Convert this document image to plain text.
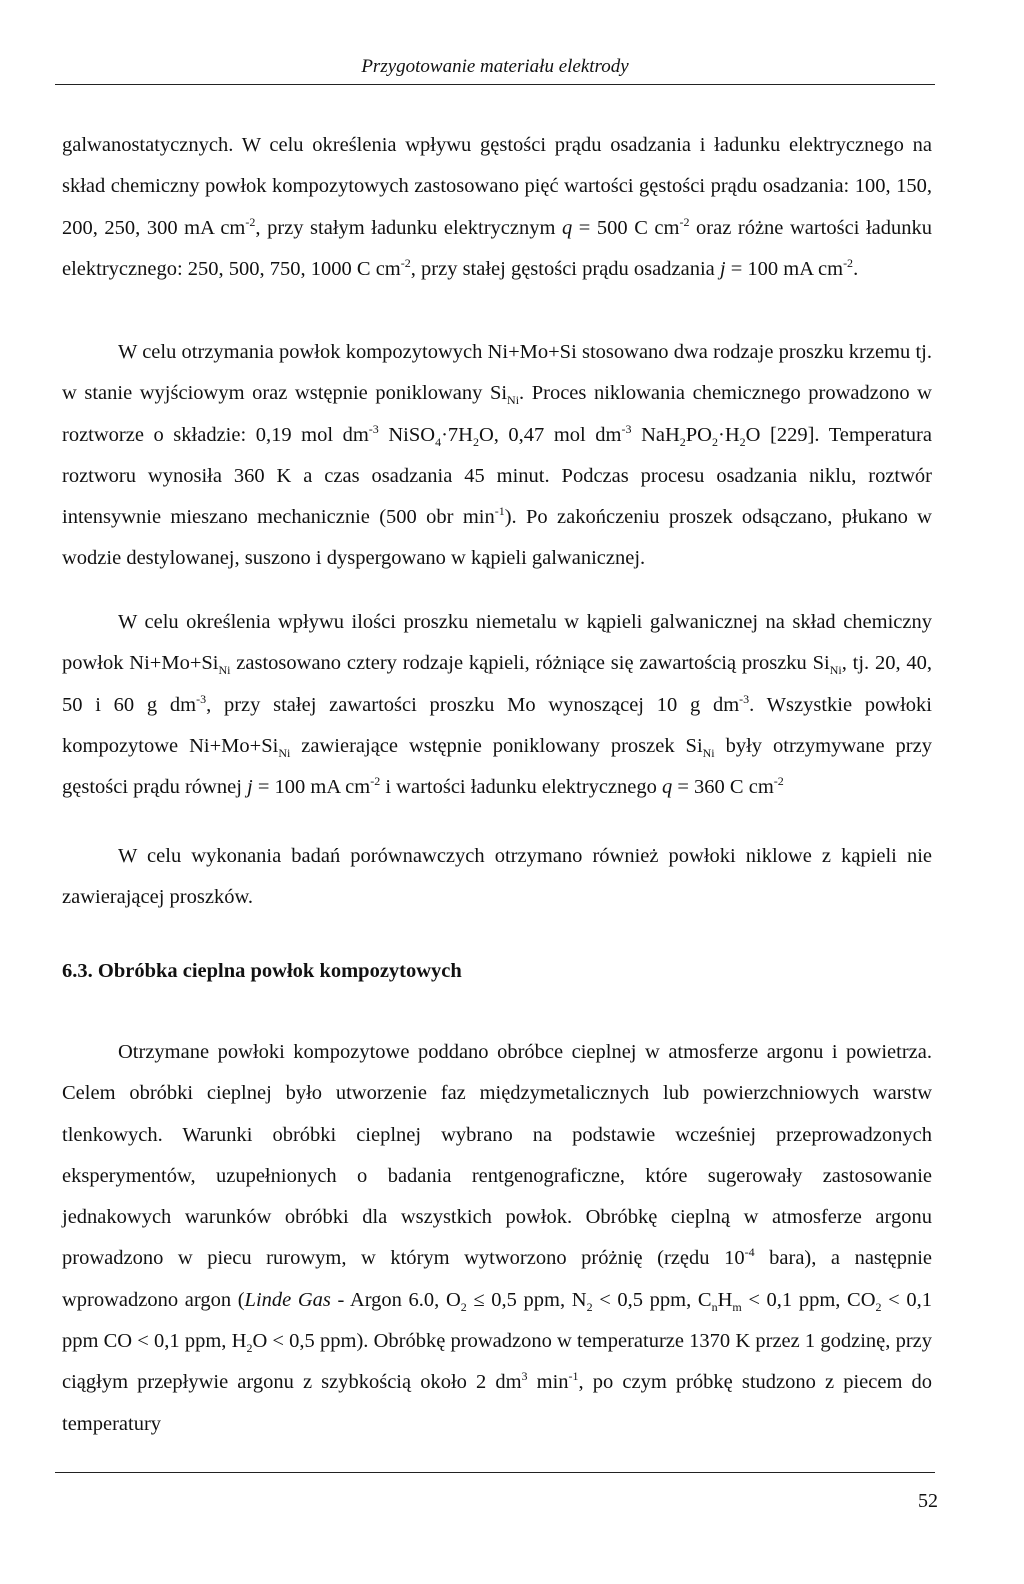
Przygotowanie materiału elektrody
galwanostatycznych. W celu określenia wpływu gęstości prądu osadzania i ładunku elektrycznego na skład chemiczny powłok kompozytowych zastosowano pięć wartości gęstości prądu osadzania: 100, 150, 200, 250, 300 mA $cm^{-2}$, przy stałym ładunku elektrycznym q = 500 C $cm^{-2}$ oraz różne wartości ładunku elektrycznego: 250, 500, 750, 1000 C $cm^{-2}$, przy stałej gęstości prądu osadzania j = 100 mA $cm^{-2}$.
W celu otrzymania powłok kompozytowych Ni+Mo+Si stosowano dwa rodzaje proszku krzemu tj. w stanie wyjściowym oraz wstępnie poniklowany $Si_{Ni}$. Proces niklowania chemicznego prowadzono w roztworze o składzie: 0,19 mol $dm^{-3}$ $NiSO_4\cdot 7H_2O$, 0,47 mol $dm^{-3}$ $NaH_2PO_2\cdot H_2O$ [229]. Temperatura roztworu wynosiła 360 K a czas osadzania 45 minut. Podczas procesu osadzania niklu, roztwór intensywnie mieszano mechanicznie (500 obr $\min^{-1}$). Po zakończeniu proszek odsączano, płukano w wodzie destylowanej, suszono i dyspergowano w kąpieli galwanicznej.
W celu określenia wpływu ilości proszku niemetalu w kąpieli galwanicznej na skład chemiczny powłok $Ni+Mo+Si_{Ni}$ zastosowano cztery rodzaje kąpieli, różniące się zawartością proszku $Si_{Ni}$, tj. 20, 40, 50 i 60 g $dm^{-3}$, przy stałej zawartości proszku Mo wynoszącej 10 g $dm^{-3}$. Wszystkie powłoki kompozytowe $Ni+Mo+Si_{Ni}$ zawierające wstępnie poniklowany proszek $Si_{Ni}$ były otrzymywane przy gęstości prądu równej j = 100 mA $cm^{-2}$ i wartości ładunku elektrycznego q = 360 C $cm^{-2}$
W celu wykonania badań porównawczych otrzymano również powłoki niklowe z kąpieli nie zawierającej proszków.
6.3. Obróbka cieplna powłok kompozytowych
Otrzymane powłoki kompozytowe poddano obróbce cieplnej w atmosferze argonu i powietrza. Celem obróbki cieplnej było utworzenie faz międzymetalicznych lub powierzchniowych warstw tlenkowych. Warunki obróbki cieplnej wybrano na podstawie wcześniej przeprowadzonych eksperymentów, uzupełnionych o badania rentgenograficzne, które sugerowały zastosowanie jednakowych warunków obróbki dla wszystkich powłok. Obróbkę cieplną w atmosferze argonu prowadzono w piecu rurowym, w którym wytworzono próżnię (rzędu $10^{-4}$ bara), a następnie wprowadzono argon (Linde Gas - Argon 6.0, $O_2 \le 0,5$ ppm, $N_2 < 0,5$ ppm, $C_nH_m < 0,1$ ppm, $CO_2 < 0,1$ ppm CO < 0,1 ppm, $H_2O < 0,5$ ppm). Obróbkę prowadzono w temperaturze 1370 K przez 1 godzinę, przy ciągłym przepływie argonu z szybkością około 2 $dm^3$ $\min^{-1}$, po czym próbkę studzono z piecem do temperatury
52
